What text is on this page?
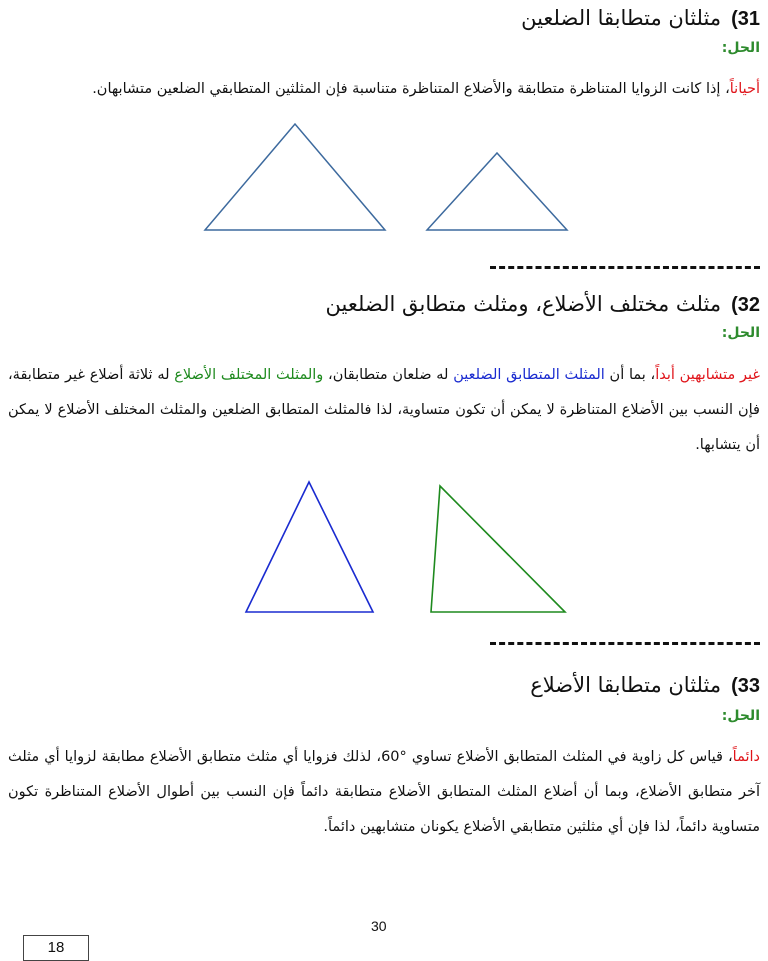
31)مثلثان متطابقا الضلعين
الحل:
أحياناً، إذا كانت الزوايا المتناظرة متطابقة والأضلاع المتناظرة متناسبة فإن المثلثين المتطابقي الضلعين متشابهان.
32)مثلث مختلف الأضلاع، ومثلث متطابق الضلعين
الحل:
غير متشابهين أبداً، بما أن المثلث المتطابق الضلعين له ضلعان متطابقان، والمثلث المختلف الأضلاع له ثلاثة أضلاع غير متطابقة، فإن النسب بين الأضلاع المتناظرة لا يمكن أن تكون متساوية، لذا فالمثلث المتطابق الضلعين والمثلث المختلف الأضلاع لا يمكن أن يتشابها.
33)مثلثان متطابقا الأضلاع
الحل:
دائماً، قياس كل زاوية في المثلث المتطابق الأضلاع تساوي °60، لذلك فزوايا أي مثلث متطابق الأضلاع مطابقة لزوايا أي مثلث آخر متطابق الأضلاع، وبما أن أضلاع المثلث المتطابق الأضلاع متطابقة دائماً فإن النسب بين أطوال الأضلاع المتناظرة تكون متساوية دائماً، لذا فإن أي مثلثين متطابقي الأضلاع يكونان متشابهين دائماً.
30
18
